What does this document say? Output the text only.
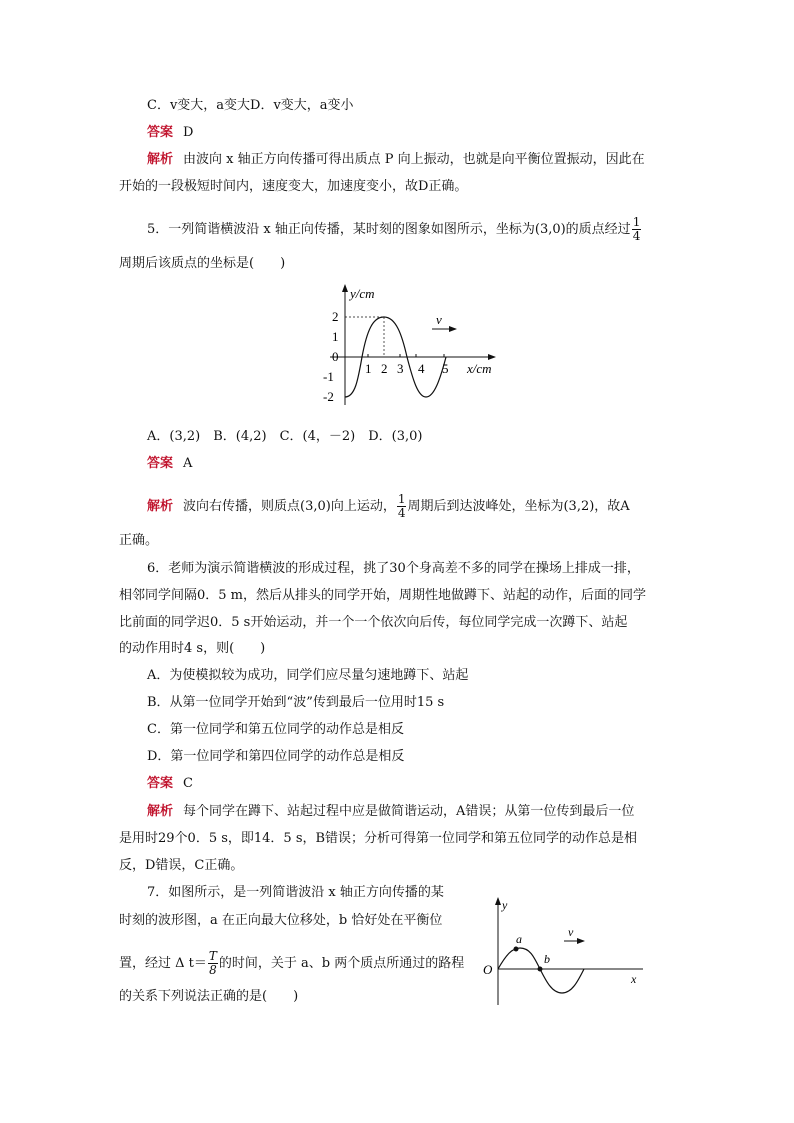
C．v变大，a变大D．v变大，a变小
答案 D
解析 由波向 x 轴正方向传播可得出质点 P 向上振动，也就是向平衡位置振动，因此在
开始的一段极短时间内，速度变大，加速度变小，故D正确。
5．一列简谐横波沿 x 轴正向传播，某时刻的图象如图所示，坐标为(3,0)的质点经过 $\frac{1}{4}$
周期后该质点的坐标是(　　)
y/cm
x/cm
2
1
0
-1
-2
1 2 3 4 5
v
A．(3,2)　B．(4,2)　C．(4，－2)　D．(3,0)
答案 A
解析 波向右传播，则质点(3,0)向上运动， $\frac{1}{4}$ 周期后到达波峰处，坐标为(3,2)，故A
正确。
6．老师为演示简谐横波的形成过程，挑了30个身高差不多的同学在操场上排成一排，
相邻同学间隔0．5 m，然后从排头的同学开始，周期性地做蹲下、站起的动作，后面的同学
比前面的同学迟0．5 s开始运动，并一个一个依次向后传，每位同学完成一次蹲下、站起
的动作用时4 s，则(　　)
A．为使模拟较为成功，同学们应尽量匀速地蹲下、站起
B．从第一位同学开始到“波”传到最后一位用时15 s
C．第一位同学和第五位同学的动作总是相反
D．第一位同学和第四位同学的动作总是相反
答案 C
解析 每个同学在蹲下、站起过程中应是做简谐运动，A错误；从第一位传到最后一位
是用时29个0．5 s，即14．5 s，B错误；分析可得第一位同学和第五位同学的动作总是相
反，D错误，C正确。
7．如图所示，是一列简谐波沿 x 轴正方向传播的某
时刻的波形图，a 在正向最大位移处，b 恰好处在平衡位
置，经过 Δ $t= \frac{T}{8}$ 的时间，关于 a、b 两个质点所通过的路程
的关系下列说法正确的是(　　)
y
x
O
a
b
v
